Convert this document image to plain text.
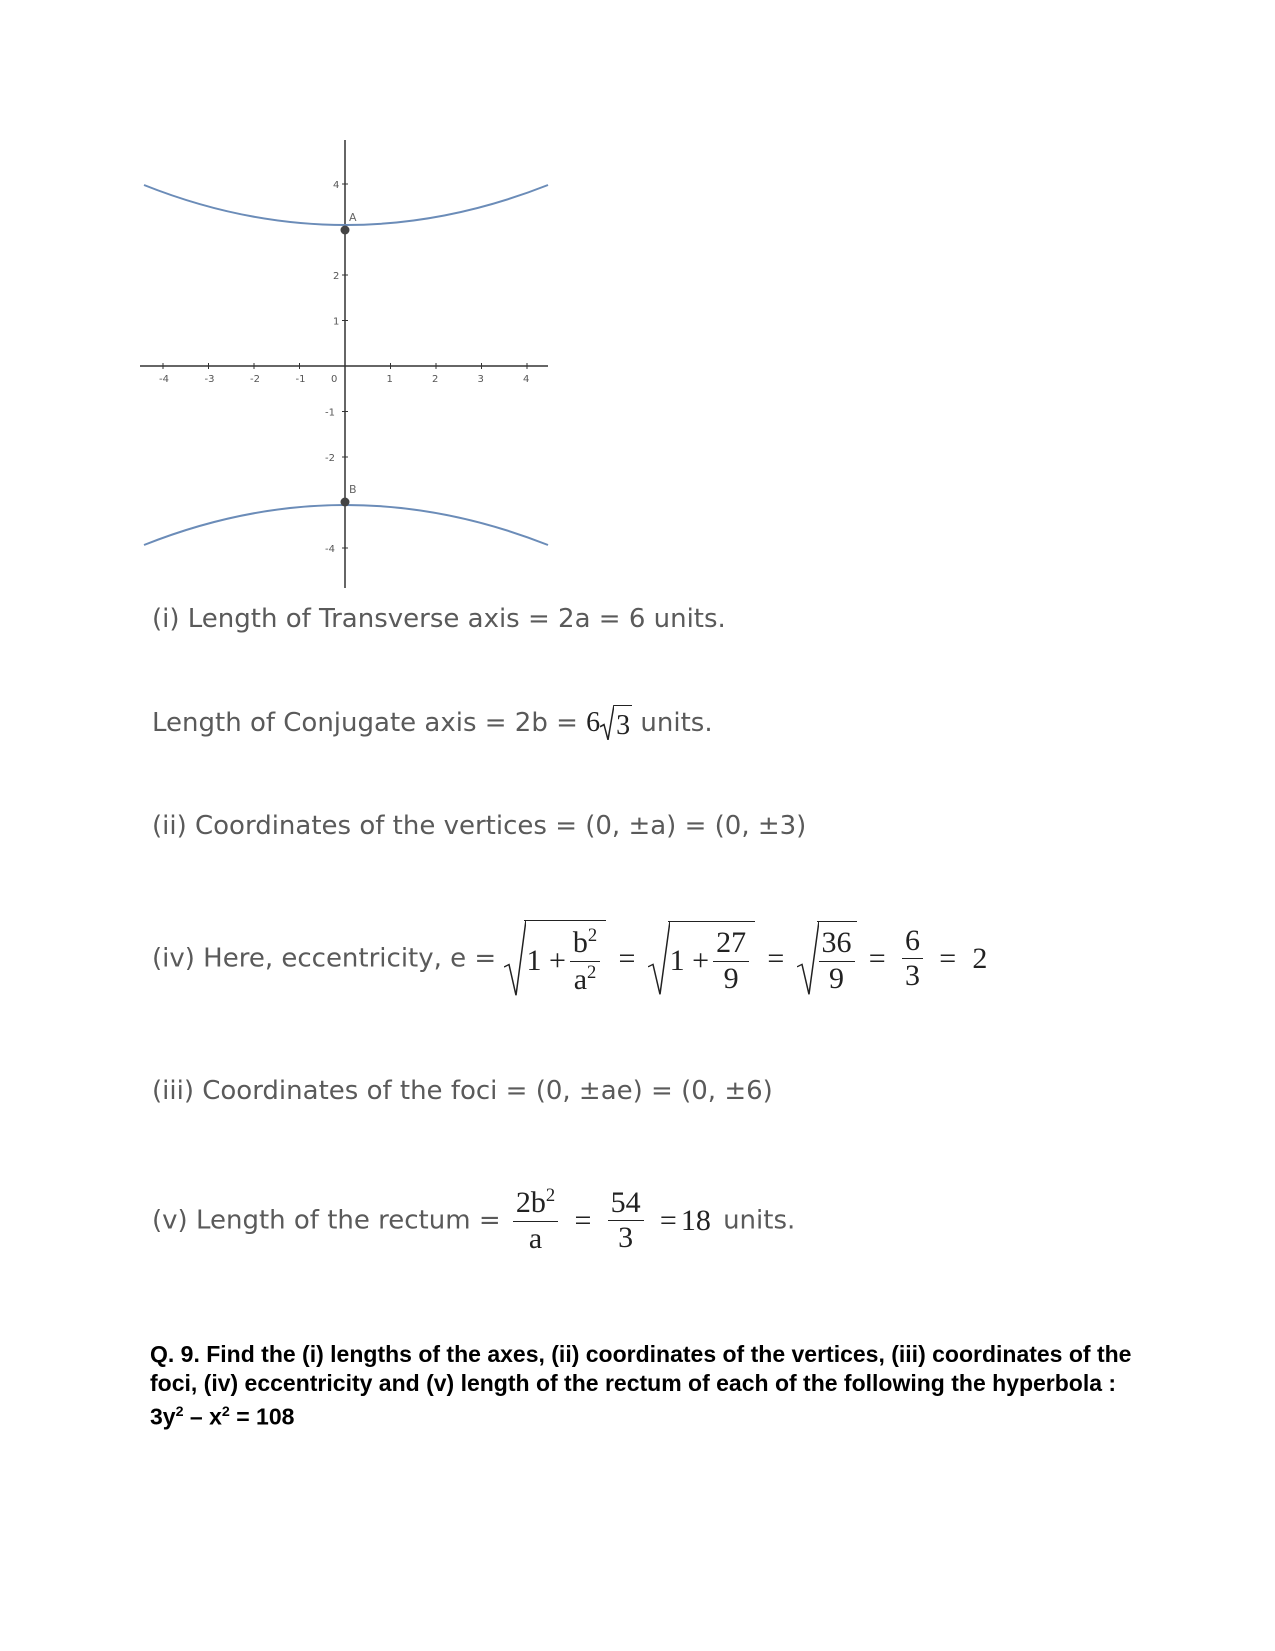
-4	-3	-2	-1	0	1	2	3	4
1
2
4
-1
-2
-4
A
B
(i) Length of Transverse axis = 2a = 6 units.
Length of Conjugate axis = 2b = 6 3 units.
(ii) Coordinates of the vertices = (0, ±a) = (0, ±3)
(iv) Here, eccentricity, e =
$1 + \frac{b^2}{a^2} = 1 + \frac{27}{9} = \frac{36}{9} = \frac{6}{3} = 2$
(iii) Coordinates of the foci = (0, ±ae) = (0, ±6)
(v) Length of the rectum = $\frac{2b^2}{a} = \frac{54}{3} = 18$ units.
Q. 9. Find the (i) lengths of the axes, (ii) coordinates of the vertices, (iii) coordinates of the foci, (iv) eccentricity and (v) length of the rectum of each of the following the hyperbola :
$3y^2 - x^2 = 108$
